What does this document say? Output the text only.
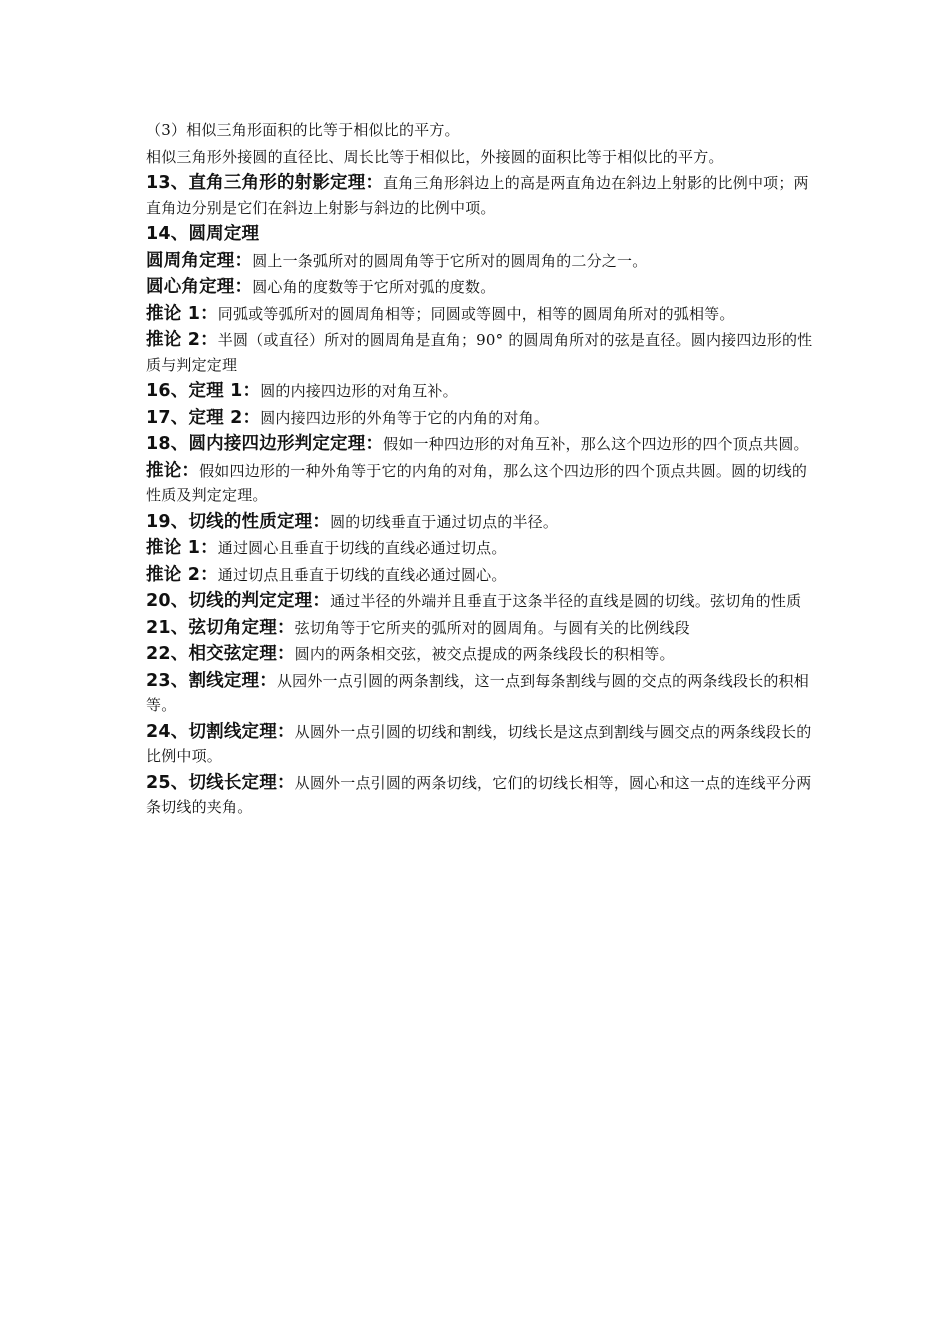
（3）相似三角形面积的比等于相似比的平方。

相似三角形外接圆的直径比、周长比等于相似比，外接圆的面积比等于相似比的平方。

13、直角三角形的射影定理：直角三角形斜边上的高是两直角边在斜边上射影的比例中项；两直角边分别是它们在斜边上射影与斜边的比例中项。

14、圆周定理

圆周角定理：圆上一条弧所对的圆周角等于它所对的圆周角的二分之一。

圆心角定理：圆心角的度数等于它所对弧的度数。

推论 1：同弧或等弧所对的圆周角相等；同圆或等圆中，相等的圆周角所对的弧相等。

推论 2：半圆（或直径）所对的圆周角是直角；90° 的圆周角所对的弦是直径。圆内接四边形的性质与判定定理

16、定理 1：圆的内接四边形的对角互补。

17、定理 2：圆内接四边形的外角等于它的内角的对角。

18、圆内接四边形判定定理：假如一种四边形的对角互补，那么这个四边形的四个顶点共圆。

推论：假如四边形的一种外角等于它的内角的对角，那么这个四边形的四个顶点共圆。圆的切线的性质及判定定理。

19、切线的性质定理：圆的切线垂直于通过切点的半径。

推论 1：通过圆心且垂直于切线的直线必通过切点。

推论 2：通过切点且垂直于切线的直线必通过圆心。

20、切线的判定定理：通过半径的外端并且垂直于这条半径的直线是圆的切线。弦切角的性质

21、弦切角定理：弦切角等于它所夹的弧所对的圆周角。与圆有关的比例线段

22、相交弦定理：圆内的两条相交弦，被交点提成的两条线段长的积相等。

23、割线定理：从园外一点引圆的两条割线，这一点到每条割线与圆的交点的两条线段长的积相等。

24、切割线定理：从圆外一点引圆的切线和割线，切线长是这点到割线与圆交点的两条线段长的比例中项。

25、切线长定理：从圆外一点引圆的两条切线，它们的切线长相等，圆心和这一点的连线平分两条切线的夹角。
